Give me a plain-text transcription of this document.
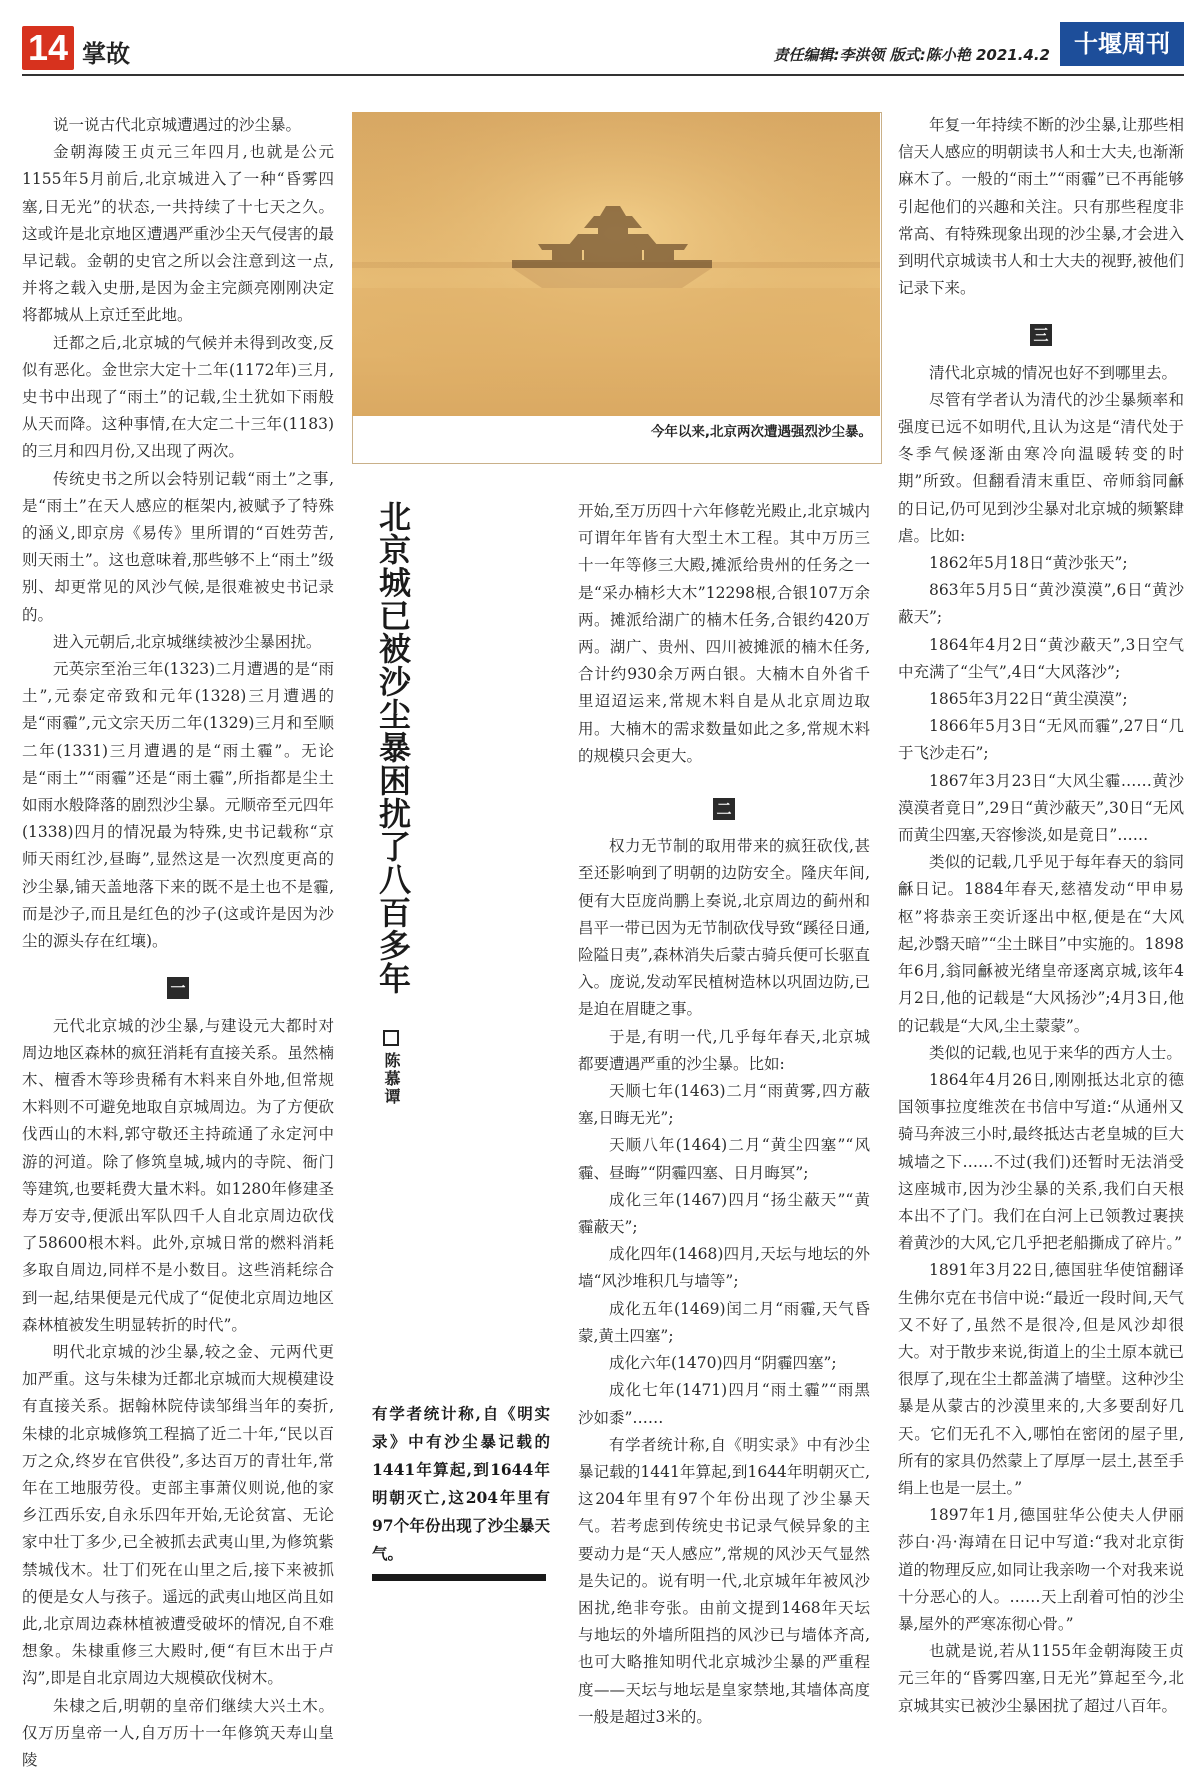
14 掌故	责任编辑:李洪领 版式:陈小艳 2021.4.2	十堰周刊

说一说古代北京城遭遇过的沙尘暴。

金朝海陵王贞元三年四月,也就是公元1155年5月前后,北京城进入了一种“昏雾四塞,日无光”的状态,一共持续了十七天之久。这或许是北京地区遭遇严重沙尘天气侵害的最早记载。金朝的史官之所以会注意到这一点,并将之载入史册,是因为金主完颜亮刚刚决定将都城从上京迁至此地。

迁都之后,北京城的气候并未得到改变,反似有恶化。金世宗大定十二年(1172年)三月,史书中出现了“雨土”的记载,尘土犹如下雨般从天而降。这种事情,在大定二十三年(1183)的三月和四月份,又出现了两次。

传统史书之所以会特别记载“雨土”之事,是“雨土”在天人感应的框架内,被赋予了特殊的涵义,即京房《易传》里所谓的“百姓劳苦,则天雨土”。这也意味着,那些够不上“雨土”级别、却更常见的风沙气候,是很难被史书记录的。

进入元朝后,北京城继续被沙尘暴困扰。

元英宗至治三年(1323)二月遭遇的是“雨土”,元泰定帝致和元年(1328)三月遭遇的是“雨霾”,元文宗天历二年(1329)三月和至顺二年(1331)三月遭遇的是“雨土霾”。无论是“雨土”“雨霾”还是“雨土霾”,所指都是尘土如雨水般降落的剧烈沙尘暴。元顺帝至元四年(1338)四月的情况最为特殊,史书记载称“京师天雨红沙,昼晦”,显然这是一次烈度更高的沙尘暴,铺天盖地落下来的既不是土也不是霾,而是沙子,而且是红色的沙子(这或许是因为沙尘的源头存在红壤)。

一

元代北京城的沙尘暴,与建设元大都时对周边地区森林的疯狂消耗有直接关系。虽然楠木、檀香木等珍贵稀有木料来自外地,但常规木料则不可避免地取自京城周边。为了方便砍伐西山的木料,郭守敬还主持疏通了永定河中游的河道。除了修筑皇城,城内的寺院、衙门等建筑,也要耗费大量木料。如1280年修建圣寿万安寺,便派出军队四千人自北京周边砍伐了58600根木料。此外,京城日常的燃料消耗多取自周边,同样不是小数目。这些消耗综合到一起,结果便是元代成了“促使北京周边地区森林植被发生明显转折的时代”。

明代北京城的沙尘暴,较之金、元两代更加严重。这与朱棣为迁都北京城而大规模建设有直接关系。据翰林院侍读邹缉当年的奏折,朱棣的北京城修筑工程搞了近二十年,“民以百万之众,终岁在官供役”,多达百万的青壮年,常年在工地服劳役。吏部主事萧仪则说,他的家乡江西乐安,自永乐四年开始,无论贫富、无论家中壮丁多少,已全被抓去武夷山里,为修筑紫禁城伐木。壮丁们死在山里之后,接下来被抓的便是女人与孩子。遥远的武夷山地区尚且如此,北京周边森林植被遭受破坏的情况,自不难想象。朱棣重修三大殿时,便“有巨木出于卢沟”,即是自北京周边大规模砍伐树木。

朱棣之后,明朝的皇帝们继续大兴土木。仅万历皇帝一人,自万历十一年修筑天寿山皇陵

今年以来,北京两次遭遇强烈沙尘暴。
北京城已被沙尘暴困扰了八百多年
陈慕谭
有学者统计称,自《明实录》中有沙尘暴记载的1441年算起,到1644年明朝灭亡,这204年里有97个年份出现了沙尘暴天气。

开始,至万历四十六年修乾光殿止,北京城内可谓年年皆有大型土木工程。其中万历三十一年等修三大殿,摊派给贵州的任务之一是“采办楠杉大木”12298根,合银107万余两。摊派给湖广的楠木任务,合银约420万两。湖广、贵州、四川被摊派的楠木任务,合计约930余万两白银。大楠木自外省千里迢迢运来,常规木料自是从北京周边取用。大楠木的需求数量如此之多,常规木料的规模只会更大。

二

权力无节制的取用带来的疯狂砍伐,甚至还影响到了明朝的边防安全。隆庆年间,便有大臣庞尚鹏上奏说,北京周边的蓟州和昌平一带已因为无节制砍伐导致“蹊径日通,险隘日夷”,森林消失后蒙古骑兵便可长驱直入。庞说,发动军民植树造林以巩固边防,已是迫在眉睫之事。

于是,有明一代,几乎每年春天,北京城都要遭遇严重的沙尘暴。比如:

天顺七年(1463)二月“雨黄雾,四方蔽塞,日晦无光”;

天顺八年(1464)二月“黄尘四塞”“风霾、昼晦”“阴霾四塞、日月晦冥”;

成化三年(1467)四月“扬尘蔽天”“黄霾蔽天”;

成化四年(1468)四月,天坛与地坛的外墙“风沙堆积几与墙等”;

成化五年(1469)闰二月“雨霾,天气昏蒙,黄土四塞”;

成化六年(1470)四月“阴霾四塞”;

成化七年(1471)四月“雨土霾”“雨黑沙如黍”……

有学者统计称,自《明实录》中有沙尘暴记载的1441年算起,到1644年明朝灭亡,这204年里有97个年份出现了沙尘暴天气。若考虑到传统史书记录气候异象的主要动力是“天人感应”,常规的风沙天气显然是失记的。说有明一代,北京城年年被风沙困扰,绝非夸张。由前文提到1468年天坛与地坛的外墙所阻挡的风沙已与墙体齐高,也可大略推知明代北京城沙尘暴的严重程度——天坛与地坛是皇家禁地,其墙体高度一般是超过3米的。

年复一年持续不断的沙尘暴,让那些相信天人感应的明朝读书人和士大夫,也渐渐麻木了。一般的“雨土”“雨霾”已不再能够引起他们的兴趣和关注。只有那些程度非常高、有特殊现象出现的沙尘暴,才会进入到明代京城读书人和士大夫的视野,被他们记录下来。

三

清代北京城的情况也好不到哪里去。

尽管有学者认为清代的沙尘暴频率和强度已远不如明代,且认为这是“清代处于冬季气候逐渐由寒冷向温暖转变的时期”所致。但翻看清末重臣、帝师翁同龢的日记,仍可见到沙尘暴对北京城的频繁肆虐。比如:

1862年5月18日“黄沙张天”;

863年5月5日“黄沙漠漠”,6日“黄沙蔽天”;

1864年4月2日“黄沙蔽天”,3日空气中充满了“尘气”,4日“大风落沙”;

1865年3月22日“黄尘漠漠”;

1866年5月3日“无风而霾”,27日“几于飞沙走石”;

1867年3月23日“大风尘霾……黄沙漠漠者竟日”,29日“黄沙蔽天”,30日“无风而黄尘四塞,天容惨淡,如是竟日”……

类似的记载,几乎见于每年春天的翁同龢日记。1884年春天,慈禧发动“甲申易枢”将恭亲王奕䜣逐出中枢,便是在“大风起,沙翳天暗”“尘土眯目”中实施的。1898年6月,翁同龢被光绪皇帝逐离京城,该年4月2日,他的记载是“大风扬沙”;4月3日,他的记载是“大风,尘土蒙蒙”。

类似的记载,也见于来华的西方人士。

1864年4月26日,刚刚抵达北京的德国领事拉度维茨在书信中写道:“从通州又骑马奔波三小时,最终抵达古老皇城的巨大城墙之下……不过(我们)还暂时无法消受这座城市,因为沙尘暴的关系,我们白天根本出不了门。我们在白河上已领教过裹挟着黄沙的大风,它几乎把老船撕成了碎片。”

1891年3月22日,德国驻华使馆翻译生佛尔克在书信中说:“最近一段时间,天气又不好了,虽然不是很冷,但是风沙却很大。对于散步来说,街道上的尘土原本就已很厚了,现在尘土都盖满了墙壁。这种沙尘暴是从蒙古的沙漠里来的,大多要刮好几天。它们无孔不入,哪怕在密闭的屋子里,所有的家具仍然蒙上了厚厚一层土,甚至手绢上也是一层土。”

1897年1月,德国驻华公使夫人伊丽莎白·冯·海靖在日记中写道:“我对北京街道的物理反应,如同让我亲吻一个对我来说十分恶心的人。……天上刮着可怕的沙尘暴,屋外的严寒冻彻心骨。”

也就是说,若从1155年金朝海陵王贞元三年的“昏雾四塞,日无光”算起至今,北京城其实已被沙尘暴困扰了超过八百年。
